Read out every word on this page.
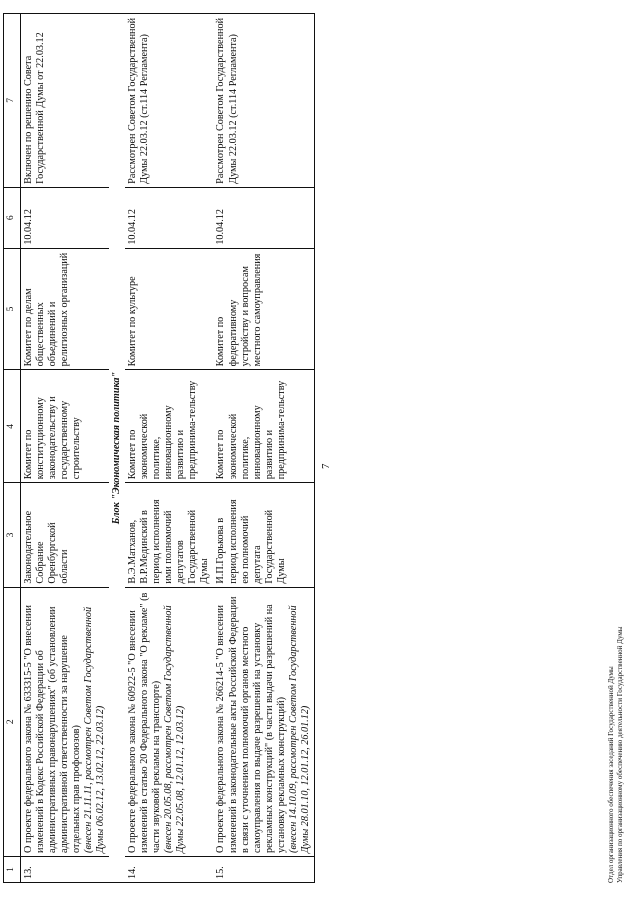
7
1	2	3	4	5	6	7
13.	О проекте федерального закона № 633315-5 "О внесении изменений в Кодекс Российской Федерации об административных правонарушениях" (об установлении административной ответственности за нарушение отдельных прав профсоюзов) (внесен 21.11.11, рассмотрен Советом Государственной Думы 06.02.12, 13.02.12, 22.03.12)	Законодательное Собрание Оренбургской области	Комитет по конституционному законодательству и государственному строительству	Комитет по делам общественных объединений и религиозных организаций	10.04.12	Включен по решению Совета Государственной Думы от 22.03.12
Блок "Экономическая политика"						
14.	О проекте федерального закона № 60922-5 "О внесении изменений в статью 20 Федерального закона "О рекламе" (в части звуковой рекламы на транспорте) (внесен 20.05.08, рассмотрен Советом Государственной Думы 22.05.08, 12.01.12, 12.03.12)	В.Э.Матханов, В.Р.Мединский в период исполнения ими полномочий депутатов Государственной Думы	Комитет по экономической политике, инновационному развитию и предпринима-тельству	Комитет по культуре	10.04.12	Рассмотрен Советом Государственной Думы 22.03.12 (ст.114 Регламента)
15.	О проекте федерального закона № 266214-5 "О внесении изменений в законодательные акты Российской Федерации в связи с уточнением полномочий органов местного самоуправления по выдаче разрешений на установку рекламных конструкций" (в части выдачи разрешений на установку рекламных конструкций) (внесен 14.10.09, рассмотрен Советом Государственной Думы 28.01.10, 12.01.12, 26.01.12)	И.П.Горькова в период исполнения ею полномочий депутата Государственной Думы	Комитет по экономической политике, инновационному развитию и предпринима-тельству	Комитет по федеративному устройству и вопросам местного самоуправления	10.04.12	Рассмотрен Советом Государственной Думы 22.03.12 (ст.114 Регламента)
Отдел организационного обеспечения заседаний Государственной Думы Управления по организационному обеспечению деятельности Государственной Думы
